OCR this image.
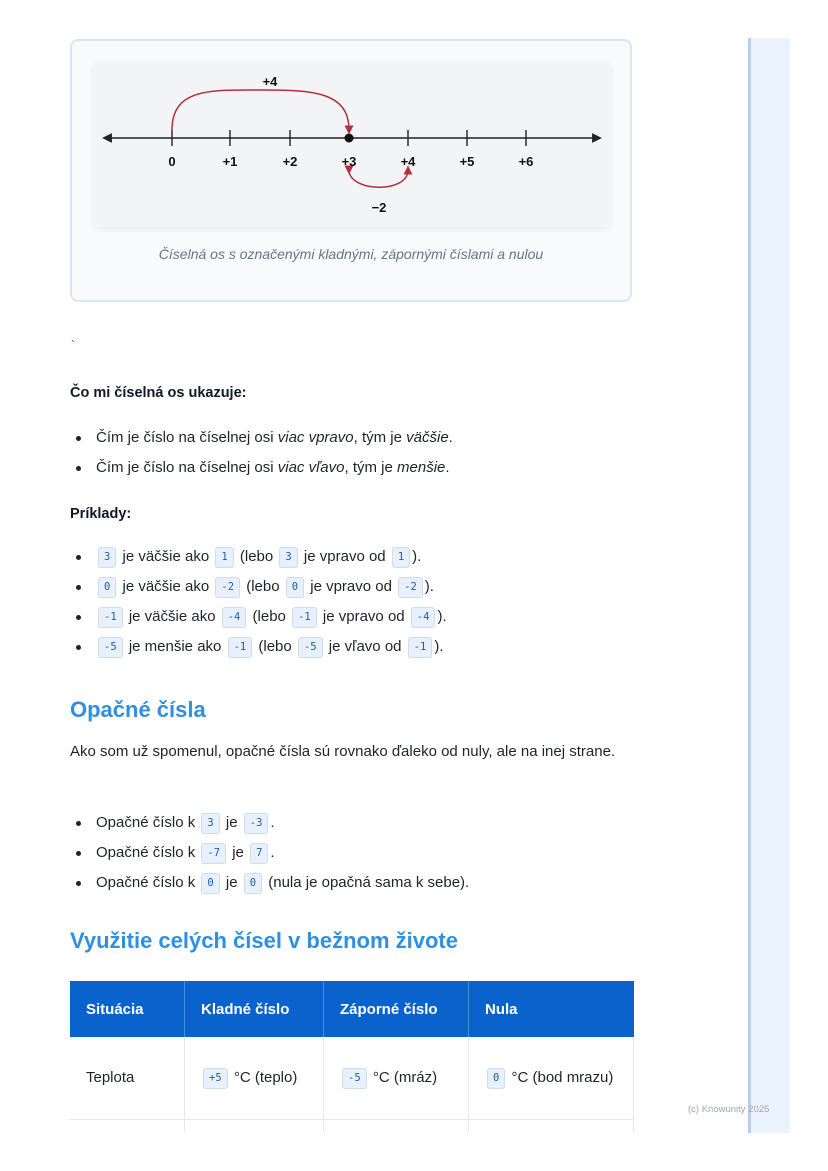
0	+1	+2	+3	+4	+5	+6
+4
−2
Číselná os s označenými kladnými, zápornými číslami a nulou
`
Čo mi číselná os ukazuje:
Čím je číslo na číselnej osi viac vpravo, tým je väčšie.
Čím je číslo na číselnej osi viac vľavo, tým je menšie.
Príklady:
3 je väčšie ako 1 (lebo 3 je vpravo od 1 ).
0 je väčšie ako -2 (lebo 0 je vpravo od -2 ).
-1 je väčšie ako -4 (lebo -1 je vpravo od -4 ).
-5 je menšie ako -1 (lebo -5 je vľavo od -1 ).
Opačné čísla
Ako som už spomenul, opačné čísla sú rovnako ďaleko od nuly, ale na inej strane.
Opačné číslo k 3 je -3 .
Opačné číslo k -7 je 7 .
Opačné číslo k 0 je 0 (nula je opačná sama k sebe).
Využitie celých čísel v bežnom živote
Situácia	Kladné číslo	Záporné číslo	Nula
Teplota	+5 °C (teplo)	-5 °C (mráz)	0 °C (bod mrazu)

(c) Knowunity 2025
